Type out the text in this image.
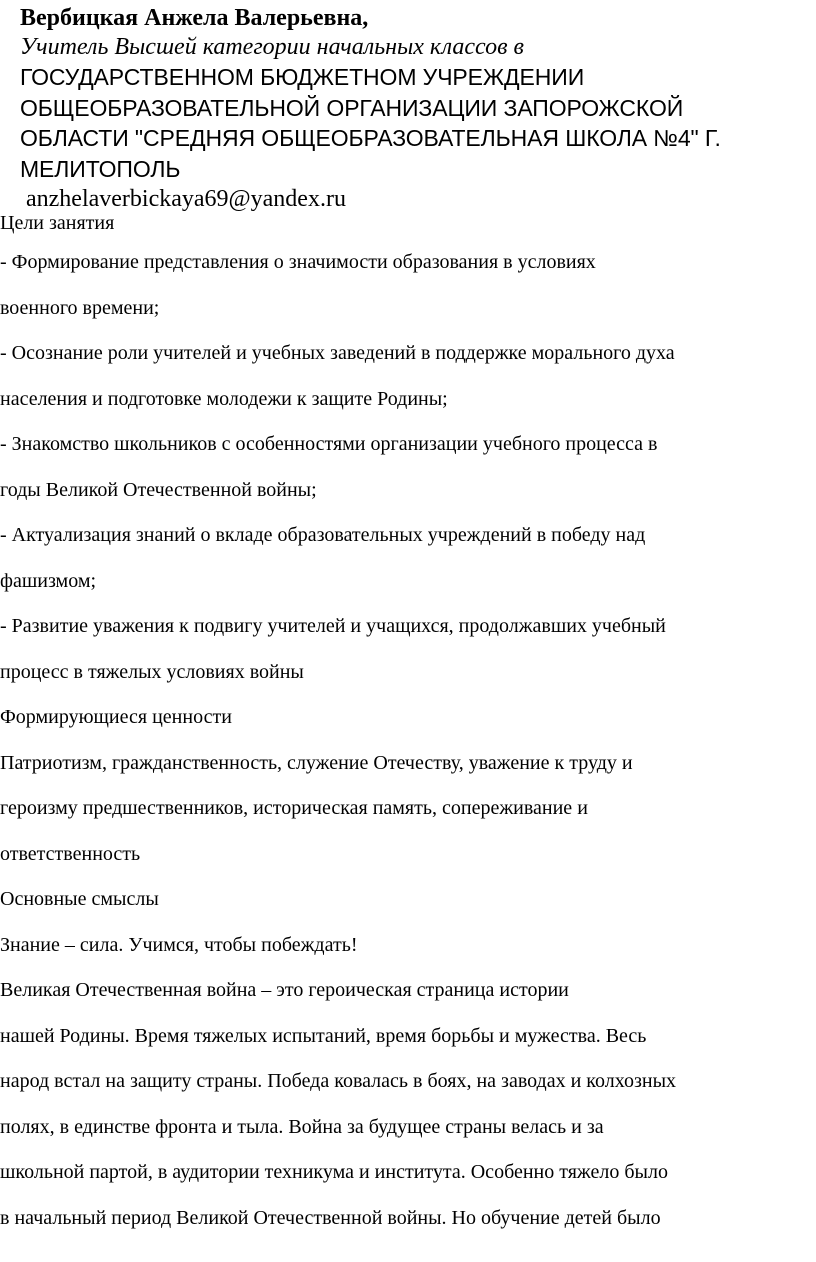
Вербицкая Анжела Валерьевна,

Учитель Высшей категории начальных классов в

ГОСУДАРСТВЕННОМ БЮДЖЕТНОМ УЧРЕЖДЕНИИ

ОБЩЕОБРАЗОВАТЕЛЬНОЙ ОРГАНИЗАЦИИ ЗАПОРОЖСКОЙ

ОБЛАСТИ "СРЕДНЯЯ ОБЩЕОБРАЗОВАТЕЛЬНАЯ ШКОЛА №4" Г.

МЕЛИТОПОЛЬ

anzhelaverbickaya69@yandex.ru

Цели занятия
- Формирование представления о значимости образования в условиях
военного времени;
- Осознание роли учителей и учебных заведений в поддержке морального духа
населения и подготовке молодежи к защите Родины;
- Знакомство школьников с особенностями организации учебного процесса в
годы Великой Отечественной войны;
- Актуализация знаний о вкладе образовательных учреждений в победу над
фашизмом;
- Развитие уважения к подвигу учителей и учащихся, продолжавших учебный
процесс в тяжелых условиях войны
Формирующиеся ценности
Патриотизм, гражданственность, служение Отечеству, уважение к труду и
героизму предшественников, историческая память, сопереживание и
ответственность
Основные смыслы
Знание – сила. Учимся, чтобы побеждать!
Великая Отечественная война – это героическая страница истории
нашей Родины. Время тяжелых испытаний, время борьбы и мужества. Весь
народ встал на защиту страны. Победа ковалась в боях, на заводах и колхозных
полях, в единстве фронта и тыла. Война за будущее страны велась и за
школьной партой, в аудитории техникума и института. Особенно тяжело было
в начальный период Великой Отечественной войны. Но обучение детей было
